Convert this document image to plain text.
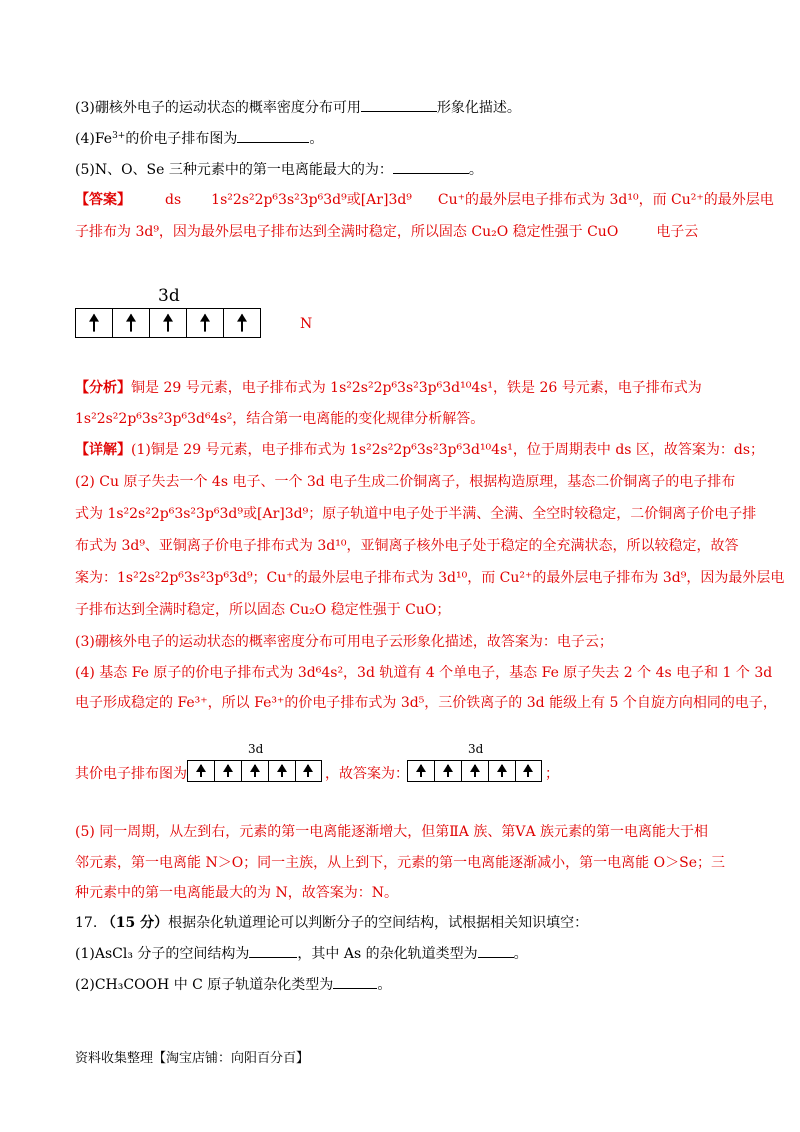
(3)硼核外电子的运动状态的概率密度分布可用	形象化描述。
$(4)Fe^{3+}$的价电子排布图为	。
(5)N、O、Se 三种元素中的第一电离能最大的为：	。
【答案】 ds 1s²2s²2p⁶3s²3p⁶3d⁹或[Ar]3d⁹ Cu⁺的最外层电子排布式为 3d¹⁰，而 Cu²⁺的最外层电
子排布为 3d⁹，因为最外层电子排布达到全满时稳定，所以固态 Cu₂O 稳定性强于 CuO	电子云
3d
N
【分析】铜是 29 号元素，电子排布式为 1s²2s²2p⁶3s²3p⁶3d¹⁰4s¹，铁是 26 号元素，电子排布式为
1s²2s²2p⁶3s²3p⁶3d⁶4s²，结合第一电离能的变化规律分析解答。
【详解】(1)铜是 29 号元素，电子排布式为 1s²2s²2p⁶3s²3p⁶3d¹⁰4s¹，位于周期表中 ds 区，故答案为：ds；
(2) Cu 原子失去一个 4s 电子、一个 3d 电子生成二价铜离子，根据构造原理，基态二价铜离子的电子排布
式为 1s²2s²2p⁶3s²3p⁶3d⁹或[Ar]3d⁹；原子轨道中电子处于半满、全满、全空时较稳定，二价铜离子价电子排
布式为 3d⁹、亚铜离子价电子排布式为 3d¹⁰，亚铜离子核外电子处于稳定的全充满状态，所以较稳定，故答
案为：1s²2s²2p⁶3s²3p⁶3d⁹；Cu⁺的最外层电子排布式为 3d¹⁰，而 Cu²⁺的最外层电子排布为 3d⁹，因为最外层电
子排布达到全满时稳定，所以固态 Cu₂O 稳定性强于 CuO；
(3)硼核外电子的运动状态的概率密度分布可用电子云形象化描述，故答案为：电子云；
(4) 基态 Fe 原子的价电子排布式为 3d⁶4s²，3d 轨道有 4 个单电子，基态 Fe 原子失去 2 个 4s 电子和 1 个 3d
电子形成稳定的 Fe³⁺，所以 Fe³⁺的价电子排布式为 3d⁵，三价铁离子的 3d 能级上有 5 个自旋方向相同的电子，
3d	3d
其价电子排布图为	，故答案为：	；
(5) 同一周期，从左到右，元素的第一电离能逐渐增大，但第ⅡA 族、第ⅤA 族元素的第一电离能大于相
邻元素，第一电离能 N＞O；同一主族，从上到下，元素的第一电离能逐渐减小，第一电离能 O＞Se；三
种元素中的第一电离能最大的为 N，故答案为：N。
17. （15 分）根据杂化轨道理论可以判断分子的空间结构，试根据相关知识填空：
(1)AsCl₃ 分子的空间结构为	，其中 As 的杂化轨道类型为	。
(2)CH₃COOH 中 C 原子轨道杂化类型为	。
资料收集整理【淘宝店铺：向阳百分百】
